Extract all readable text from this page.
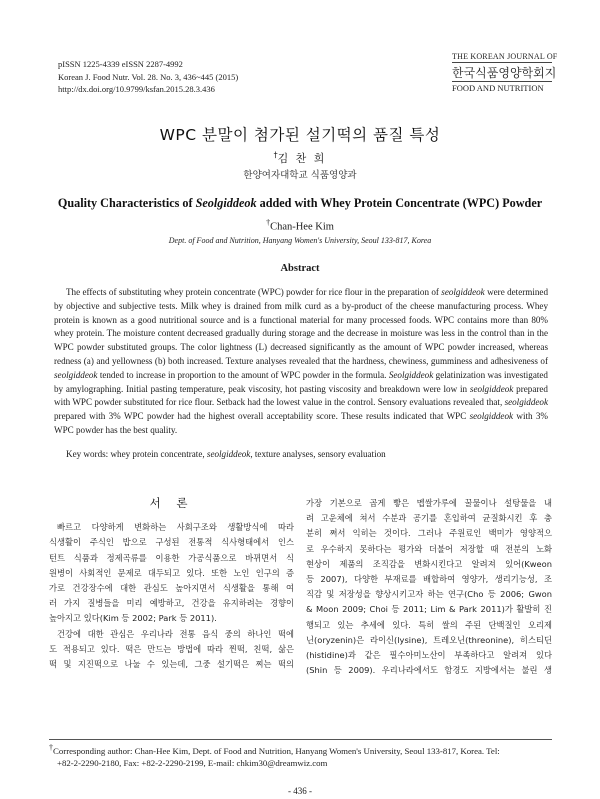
pISSN 1225-4339 eISSN 2287-4992
Korean J. Food Nutr. Vol. 28. No. 3, 436~445 (2015)
http://dx.doi.org/10.9799/ksfan.2015.28.3.436
THE KOREAN JOURNAL OF
한국식품영양학회지
FOOD AND NUTRITION
WPC 분말이 첨가된 설기떡의 품질 특성
†김 찬 희
한양여자대학교 식품영양과
Quality Characteristics of Seolgiddeok added with Whey Protein Concentrate (WPC) Powder
†Chan-Hee Kim
Dept. of Food and Nutrition, Hanyang Women's University, Seoul 133-817, Korea
Abstract
The effects of substituting whey protein concentrate (WPC) powder for rice flour in the preparation of seolgiddeok were determined by objective and subjective tests. Milk whey is drained from milk curd as a by-product of the cheese manufacturing process. Whey protein is known as a good nutritional source and is a functional material for many processed foods. WPC contains more than 80% whey protein. The moisture content decreased gradually during storage and the decrease in moisture was less in the control than in the WPC powder substituted groups. The color lightness (L) decreased significantly as the amount of WPC powder increased, whereas redness (a) and yellowness (b) both increased. Texture analyses revealed that the hardness, chewiness, gumminess and adhesiveness of seolgiddeok tended to increase in proportion to the amount of WPC powder in the formula. Seolgiddeok gelatinization was investigated by amylographing. Initial pasting temperature, peak viscosity, hot pasting viscosity and breakdown were low in seolgiddeok prepared with WPC powder substituted for rice flour. Setback had the lowest value in the control. Sensory evaluations revealed that, seolgiddeok prepared with 3% WPC powder had the highest overall acceptability score. These results indicated that WPC seolgiddeok with 3% WPC powder has the best quality.
Key words: whey protein concentrate, seolgiddeok, texture analyses, sensory evaluation
서 론
빠르고 다양하게 변화하는 사회구조와 생활방식에 따라
식생활이 주식인 밥으로 구성된 전통적 식사형태에서 인스
턴트 식품과 정제곡류를 이용한 가공식품으로 바뀌면서 식
원병이 사회적인 문제로 대두되고 있다. 또한 노인 인구의 증
가로 건강장수에 대한 관심도 높아지면서 식생활을 통해 여
러 가지 질병들을 미리 예방하고, 건강을 유지하려는 경향이
높아지고 있다(Kim 등 2002; Park 등 2011).
건강에 대한 관심은 우리나라 전통 음식 중의 하나인 떡에
도 적용되고 있다. 떡은 만드는 방법에 따라 찐떡, 친떡, 삶은
떡 및 지진떡으로 나눌 수 있는데, 그중 설기떡은 찌는 떡의
가장 기본으로 곱게 빻은 멥쌀가루에 꿀물이나 설탕물을 내
려 고운체에 쳐서 수분과 공기를 혼입하여 균질화시킨 후 충
분히 쪄서 익히는 것이다. 그러나 주원료인 백미가 영양적으
로 우수하지 못하다는 평가와 더불어 저장할 때 전분의 노화
현상이 제품의 조직감을 변화시킨다고 알려져 있어(Kweon
등 2007), 다양한 부재료를 배합하여 영양가, 생리기능성, 조
직감 및 저장성을 향상시키고자 하는 연구(Cho 등 2006; Gwon
& Moon 2009; Choi 등 2011; Lim & Park 2011)가 활발히 진
행되고 있는 추세에 있다. 특히 쌀의 주된 단백질인 오리제
닌(oryzenin)은 라이신(lysine), 트레오닌(threonine), 히스티딘
(histidine)과 같은 필수아미노산이 부족하다고 알려져 있다
(Shin 등 2009). 우리나라에서도 함경도 지방에서는 불린 생
†Corresponding author: Chan-Hee Kim, Dept. of Food and Nutrition, Hanyang Women's University, Seoul 133-817, Korea. Tel:
+82-2-2290-2180, Fax: +82-2-2290-2199, E-mail: chkim30@dreamwiz.com
- 436 -
